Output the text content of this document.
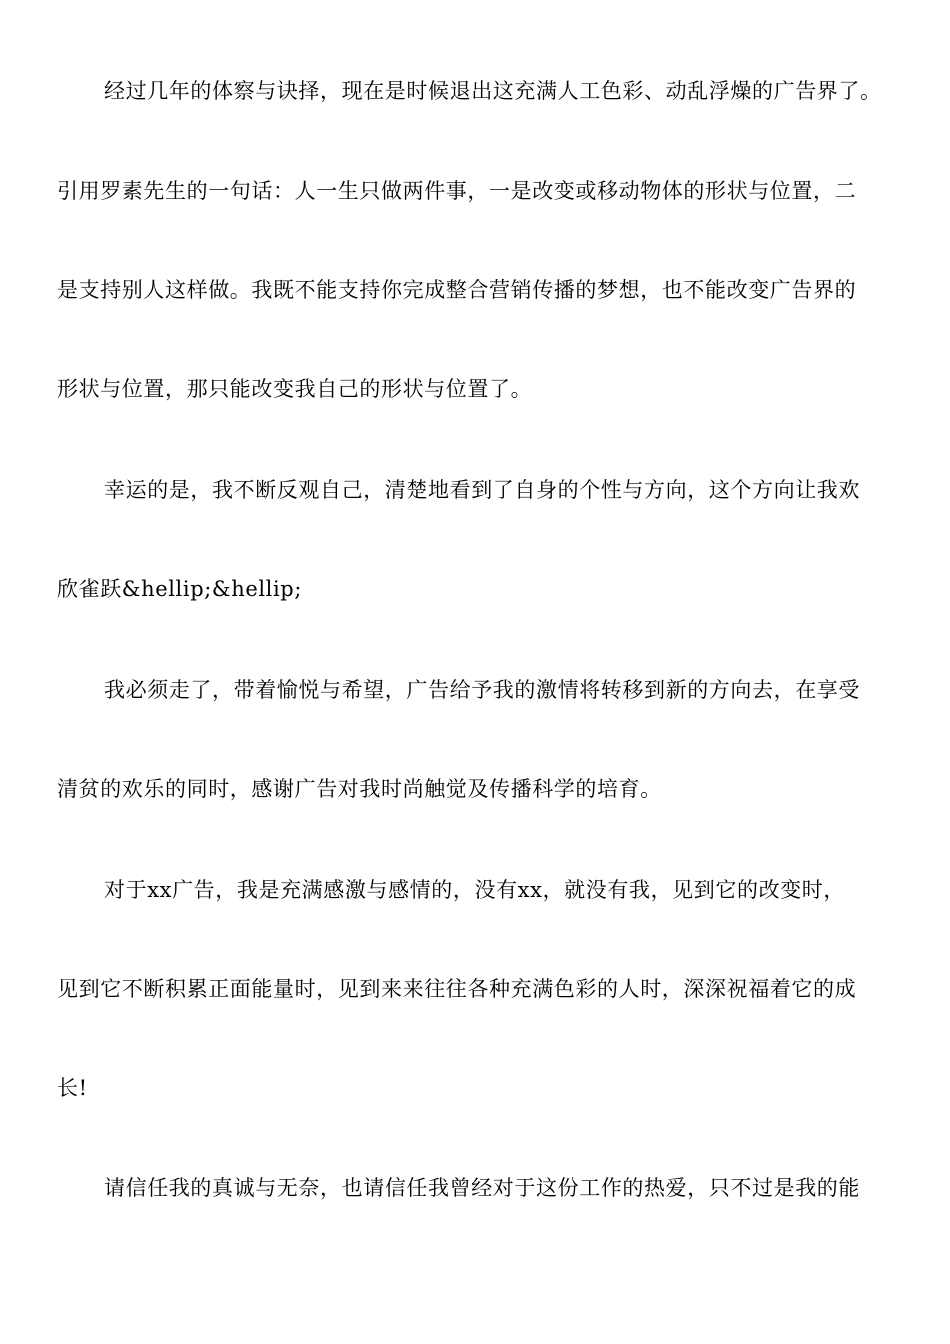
经过几年的体察与诀择，现在是时候退出这充满人工色彩、动乱浮燥的广告界了。
引用罗素先生的一句话：人一生只做两件事，一是改变或移动物体的形状与位置，二
是支持别人这样做。我既不能支持你完成整合营销传播的梦想，也不能改变广告界的
形状与位置，那只能改变我自己的形状与位置了。
幸运的是，我不断反观自己，清楚地看到了自身的个性与方向，这个方向让我欢
欣雀跃&hellip;&hellip;
我必须走了，带着愉悦与希望，广告给予我的激情将转移到新的方向去，在享受
清贫的欢乐的同时，感谢广告对我时尚触觉及传播科学的培育。
对于xx广告，我是充满感激与感情的，没有xx，就没有我，见到它的改变时，
见到它不断积累正面能量时，见到来来往往各种充满色彩的人时，深深祝福着它的成
长!
请信任我的真诚与无奈，也请信任我曾经对于这份工作的热爱，只不过是我的能
